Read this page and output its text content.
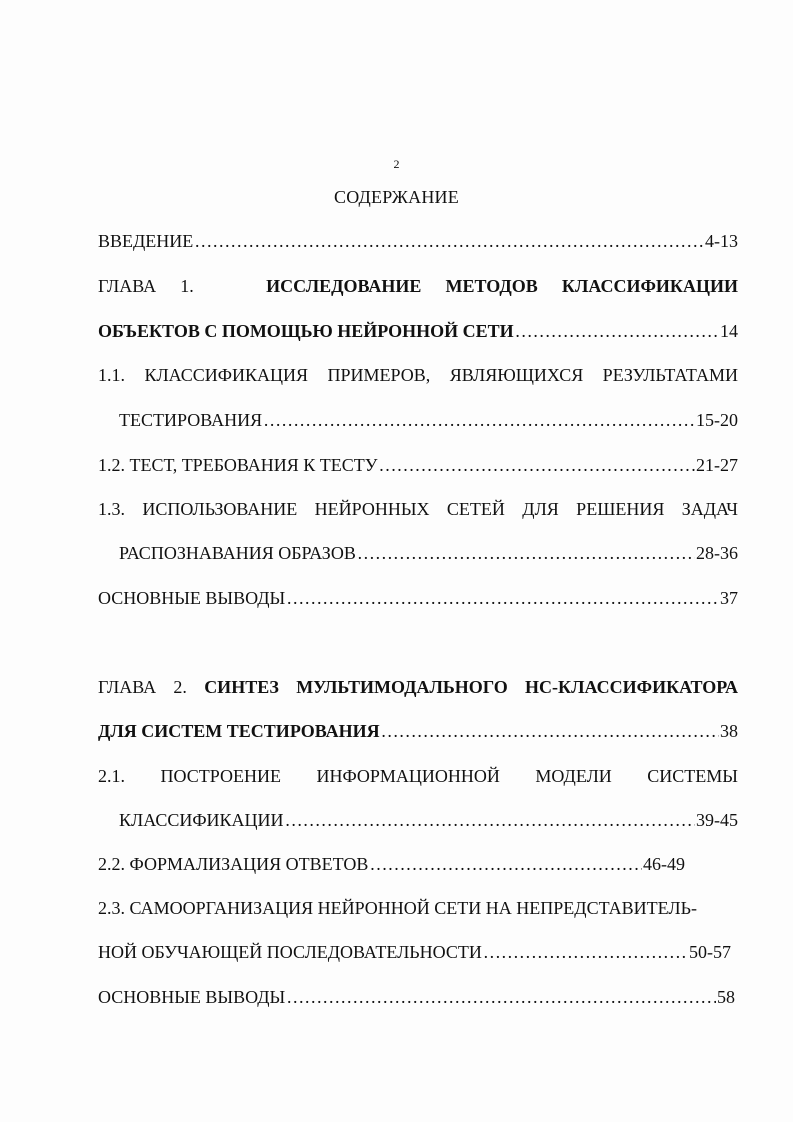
2
СОДЕРЖАНИЕ
ВВЕДЕНИЕ …………………………………………………………………………………………………………………………………………	4-13
ГЛАВА 1.	ИССЛЕДОВАНИЕ МЕТОДОВ КЛАССИФИКАЦИИ
ОБЪЕКТОВ С ПОМОЩЬЮ НЕЙРОННОЙ СЕТИ …………………………………………………………………………………………………………………………………………	14
1.1. КЛАССИФИКАЦИЯ ПРИМЕРОВ, ЯВЛЯЮЩИХСЯ РЕЗУЛЬТАТАМИ
ТЕСТИРОВАНИЯ …………………………………………………………………………………………………………………………………………	15-20
1.2. ТЕСТ, ТРЕБОВАНИЯ К ТЕСТУ …………………………………………………………………………………………………………………………………………	21-27
1.3. ИСПОЛЬЗОВАНИЕ НЕЙРОННЫХ СЕТЕЙ ДЛЯ РЕШЕНИЯ ЗАДАЧ
РАСПОЗНАВАНИЯ ОБРАЗОВ …………………………………………………………………………………………………………………………………………	28-36
ОСНОВНЫЕ ВЫВОДЫ …………………………………………………………………………………………………………………………………………	37
ГЛАВА 2. СИНТЕЗ МУЛЬТИМОДАЛЬНОГО НС-КЛАССИФИКАТОРА
ДЛЯ СИСТЕМ ТЕСТИРОВАНИЯ …………………………………………………………………………………………………………………………………………	38
2.1. ПОСТРОЕНИЕ ИНФОРМАЦИОННОЙ МОДЕЛИ СИСТЕМЫ
КЛАССИФИКАЦИИ …………………………………………………………………………………………………………………………………………	39-45
2.2. ФОРМАЛИЗАЦИЯ ОТВЕТОВ …………………………………………………………………………………………………………………………………………	46-49
2.3. САМООРГАНИЗАЦИЯ НЕЙРОННОЙ СЕТИ НА НЕПРЕДСТАВИТЕЛЬ-
НОЙ ОБУЧАЮЩЕЙ ПОСЛЕДОВАТЕЛЬНОСТИ …………………………………………………………………………………………………………………………………………	50-57
ОСНОВНЫЕ ВЫВОДЫ …………………………………………………………………………………………………………………………………………	58
